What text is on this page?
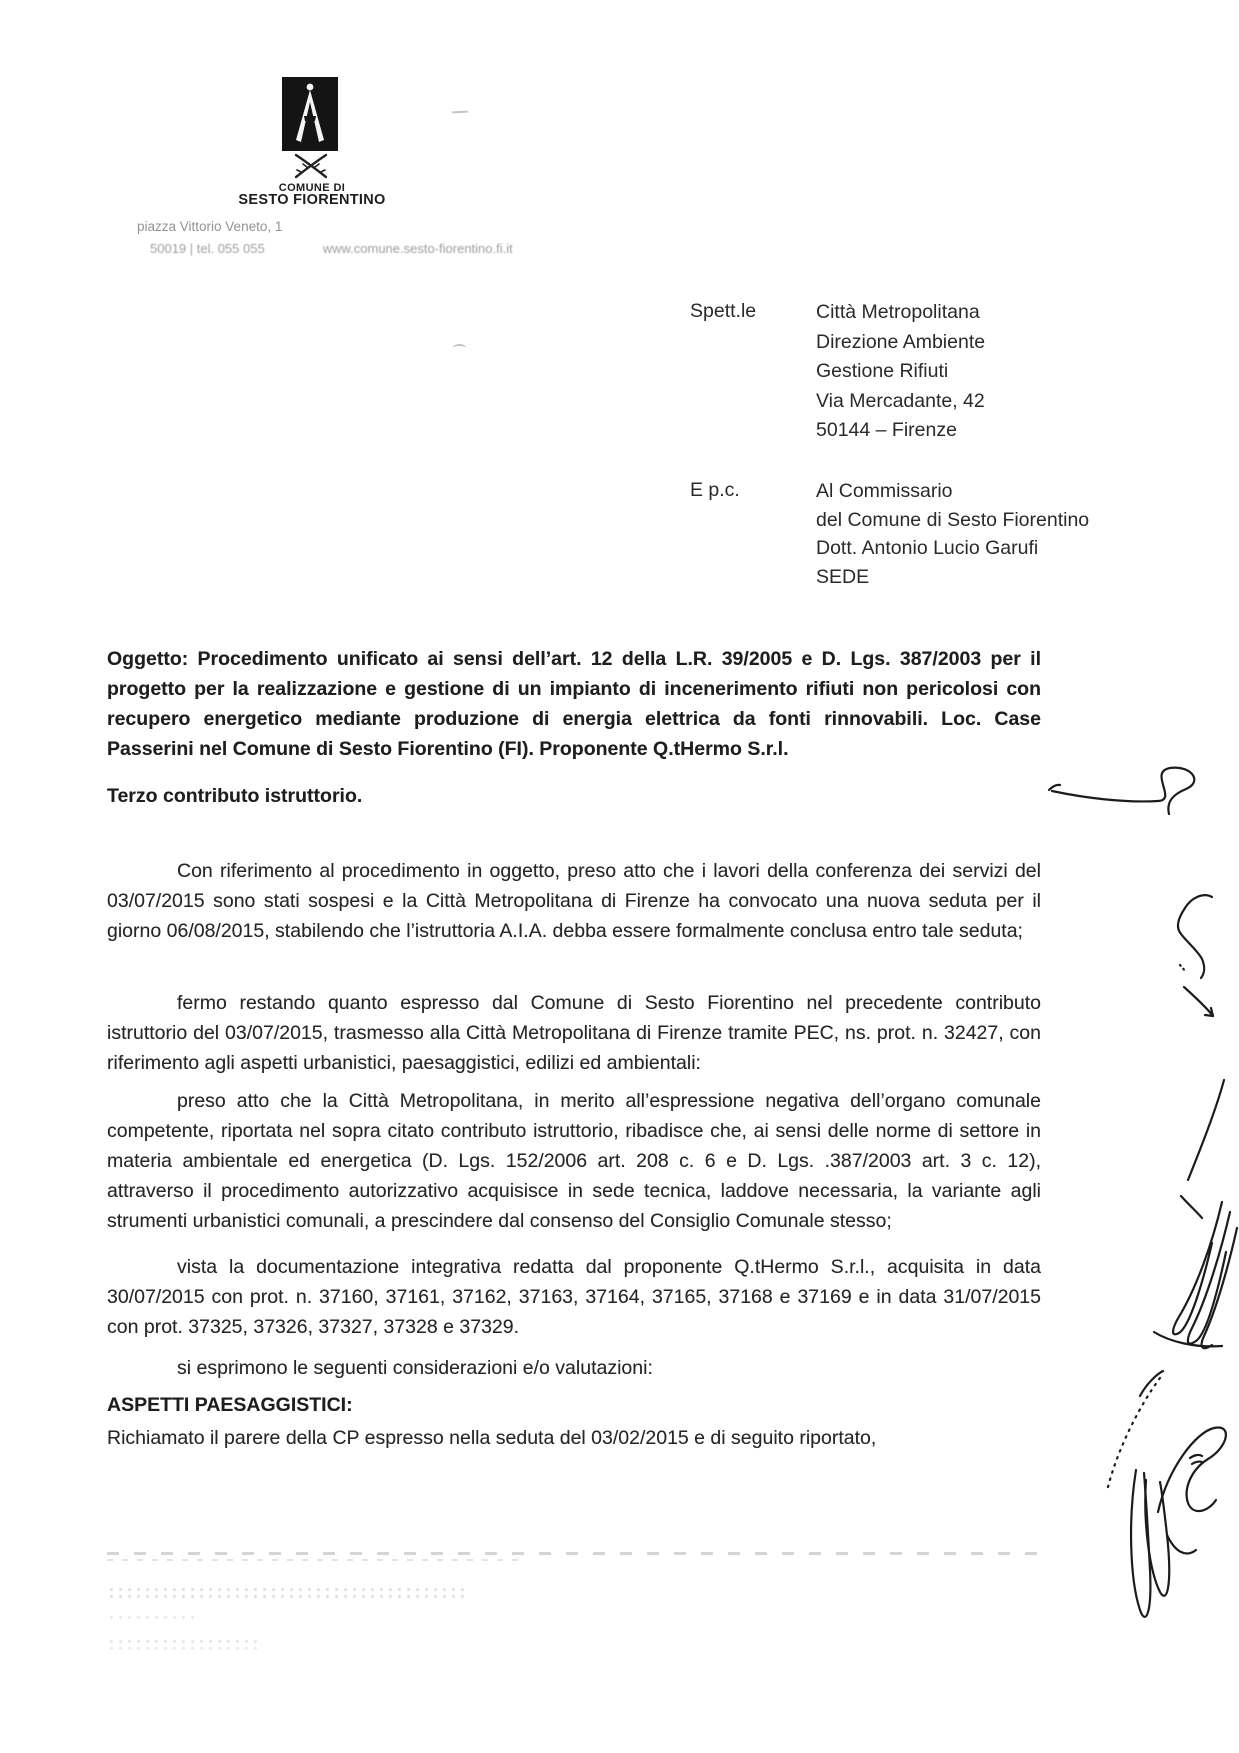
COMUNE DI
SESTO FIORENTINO
piazza Vittorio Veneto, 1
50019 | tel. 055 055	www.comune.sesto-fiorentino.fi.it
Spett.le	Città Metropolitana
Direzione Ambiente
Gestione Rifiuti
Via Mercadante, 42
50144 – Firenze
E p.c.	Al Commissario
del Comune di Sesto Fiorentino
Dott. Antonio Lucio Garufi
SEDE

Oggetto: Procedimento unificato ai sensi dell’art. 12 della L.R. 39/2005 e D. Lgs. 387/2003 per il progetto per la realizzazione e gestione di un impianto di incenerimento rifiuti non pericolosi con recupero energetico mediante produzione di energia elettrica da fonti rinnovabili. Loc. Case Passerini nel Comune di Sesto Fiorentino (FI). Proponente Q.tHermo S.r.l.

Terzo contributo istruttorio.

Con riferimento al procedimento in oggetto, preso atto che i lavori della conferenza dei servizi del 03/07/2015 sono stati sospesi e la Città Metropolitana di Firenze ha convocato una nuova seduta per il giorno 06/08/2015, stabilendo che l’istruttoria A.I.A. debba essere formalmente conclusa entro tale seduta;

fermo restando quanto espresso dal Comune di Sesto Fiorentino nel precedente contributo istruttorio del 03/07/2015, trasmesso alla Città Metropolitana di Firenze tramite PEC, ns. prot. n. 32427, con riferimento agli aspetti urbanistici, paesaggistici, edilizi ed ambientali:

preso atto che la Città Metropolitana, in merito all’espressione negativa dell’organo comunale competente, riportata nel sopra citato contributo istruttorio, ribadisce che, ai sensi delle norme di settore in materia ambientale ed energetica (D. Lgs. 152/2006 art. 208 c. 6 e D. Lgs. .387/2003 art. 3 c. 12), attraverso il procedimento autorizzativo acquisisce in sede tecnica, laddove necessaria, la variante agli strumenti urbanistici comunali, a prescindere dal consenso del Consiglio Comunale stesso;

vista la documentazione integrativa redatta dal proponente Q.tHermo S.r.l., acquisita in data 30/07/2015 con prot. n. 37160, 37161, 37162, 37163, 37164, 37165, 37168 e 37169 e in data 31/07/2015 con prot. 37325, 37326, 37327, 37328 e 37329.

si esprimono le seguenti considerazioni e/o valutazioni:

ASPETTI PAESAGGISTICI:

Richiamato il parere della CP espresso nella seduta del 03/02/2015 e di seguito riportato,
